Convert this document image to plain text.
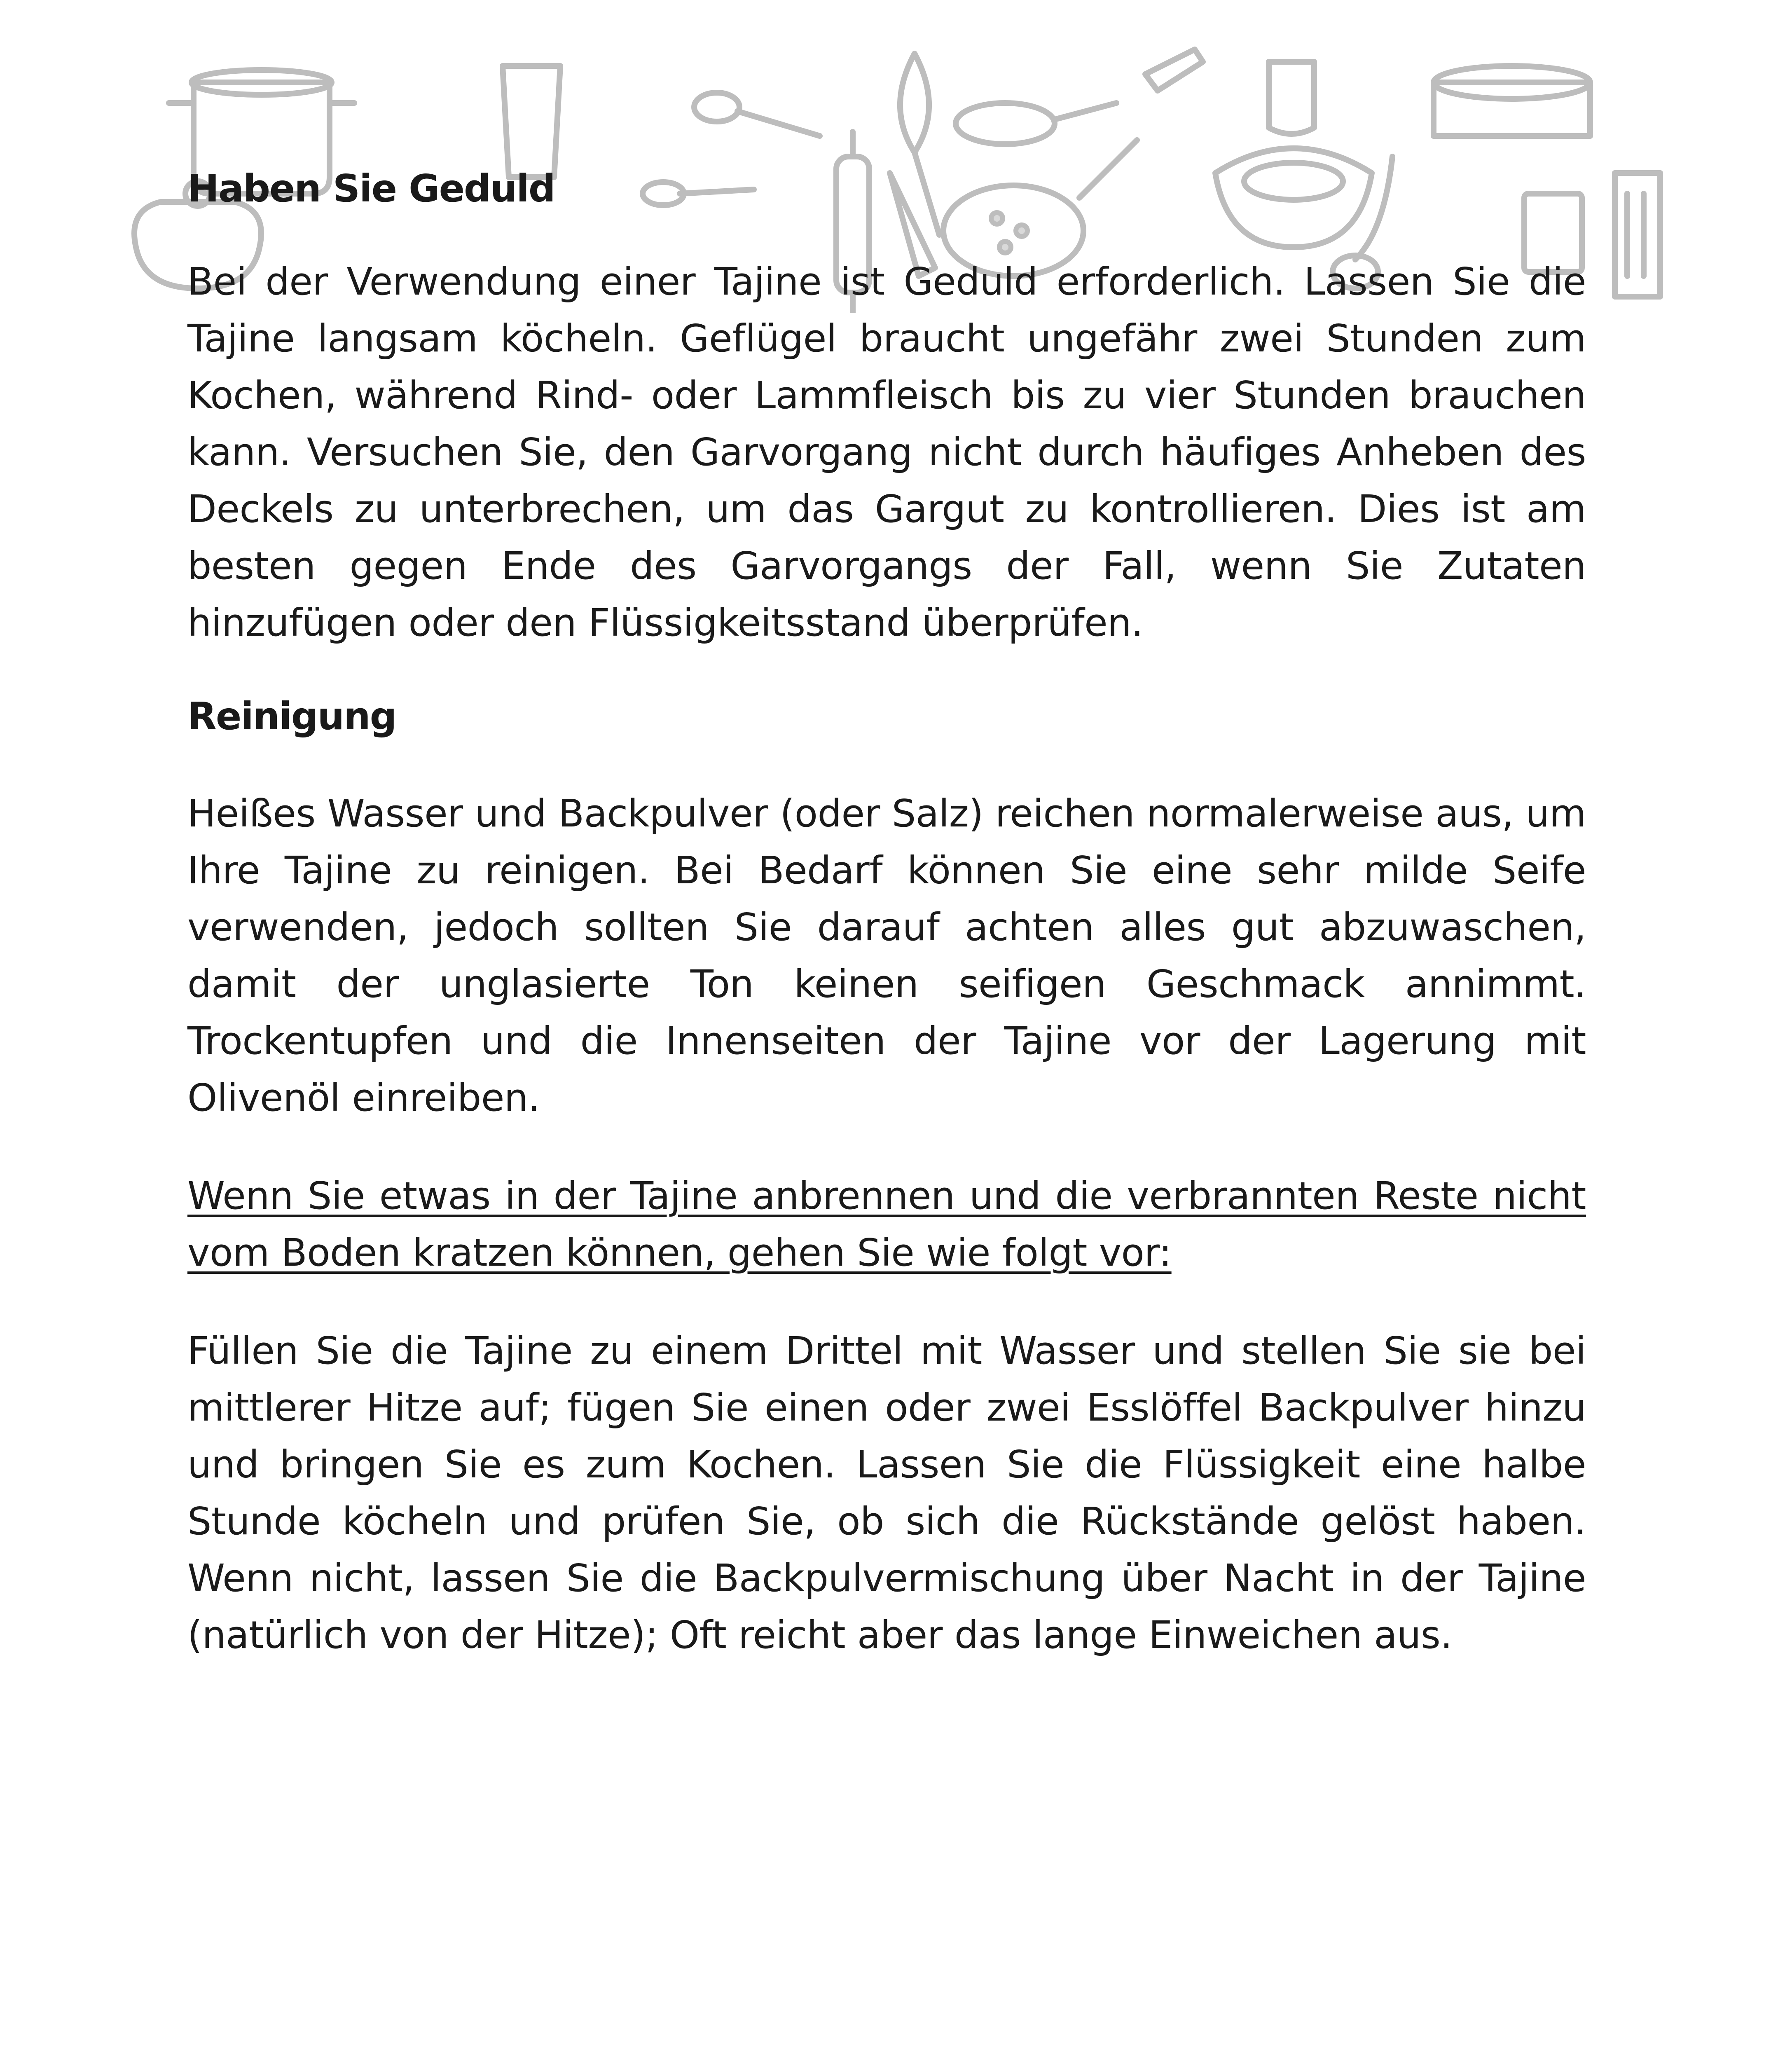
Haben Sie Geduld

Bei der Verwendung einer Tajine ist Geduld erforderlich. Lassen Sie die Tajine langsam köcheln. Geflügel braucht ungefähr zwei Stunden zum Kochen, während Rind- oder Lammfleisch bis zu vier Stunden brauchen kann. Versuchen Sie, den Garvorgang nicht durch häufiges Anheben des Deckels zu unterbrechen, um das Gargut zu kontrollieren. Dies ist am besten gegen Ende des Garvorgangs der Fall, wenn Sie Zutaten hinzufügen oder den Flüssigkeitsstand überprüfen.

Reinigung

Heißes Wasser und Backpulver (oder Salz) reichen normalerweise aus, um Ihre Tajine zu reinigen. Bei Bedarf können Sie eine sehr milde Seife verwenden, jedoch sollten Sie darauf achten alles gut abzuwaschen, damit der unglasierte Ton keinen seifigen Geschmack annimmt. Trockentupfen und die Innenseiten der Tajine vor der Lagerung mit Olivenöl einreiben.

Wenn Sie etwas in der Tajine anbrennen und die verbrannten Reste nicht vom Boden kratzen können, gehen Sie wie folgt vor:

Füllen Sie die Tajine zu einem Drittel mit Wasser und stellen Sie sie bei mittlerer Hitze auf; fügen Sie einen oder zwei Esslöffel Backpulver hinzu und bringen Sie es zum Kochen. Lassen Sie die Flüssigkeit eine halbe Stunde köcheln und prüfen Sie, ob sich die Rückstände gelöst haben. Wenn nicht, lassen Sie die Backpulvermischung über Nacht in der Tajine (natürlich von der Hitze); Oft reicht aber das lange Einweichen aus.
